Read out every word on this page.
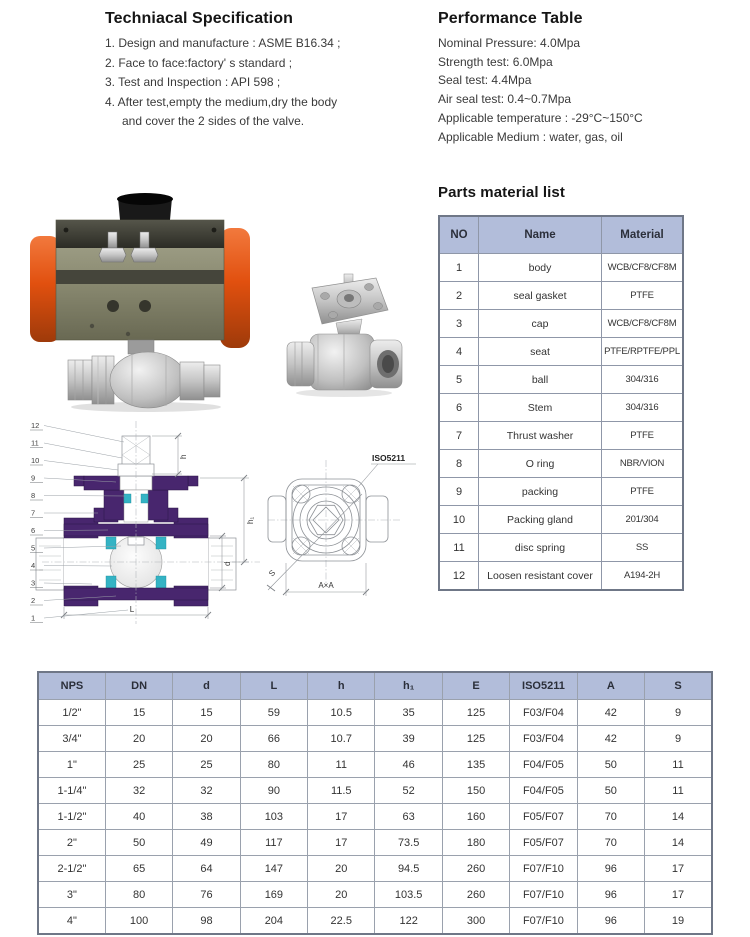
Techniacal Specification
1. Design and manufacture : ASME B16.34 ;
2. Face to face:factory' s standard ;
3. Test and Inspection : API 598 ;
4. After test,empty the medium,dry the body
and cover the 2 sides of the valve.
Performance Table
Nominal Pressure: 4.0Mpa
Strength test: 6.0Mpa
Seal test: 4.4Mpa
Air seal test: 0.4~0.7Mpa
Applicable temperature : -29°C~150°C
Applicable Medium : water, gas, oil
h
h₁
d
L
12
11
10
9
8
7
6
5
4
3
2
1
S
ISO5211
A×A
Parts material list
NO	Name	Material
1	body	WCB/CF8/CF8M
2	seal gasket	PTFE
3	cap	WCB/CF8/CF8M
4	seat	PTFE/RPTFE/PPL
5	ball	304/316
6	Stem	304/316
7	Thrust washer	PTFE
8	O ring	NBR/VION
9	packing	PTFE
10	Packing gland	201/304
11	disc spring	SS
12	Loosen resistant cover	A194-2H
NPS	DN	d	L	h	h₁	E	ISO5211	A	S
1/2"	15	15	59	10.5	35	125	F03/F04	42	9
3/4"	20	20	66	10.7	39	125	F03/F04	42	9
1"	25	25	80	11	46	135	F04/F05	50	11
1-1/4"	32	32	90	11.5	52	150	F04/F05	50	11
1-1/2"	40	38	103	17	63	160	F05/F07	70	14
2"	50	49	117	17	73.5	180	F05/F07	70	14
2-1/2"	65	64	147	20	94.5	260	F07/F10	96	17
3"	80	76	169	20	103.5	260	F07/F10	96	17
4"	100	98	204	22.5	122	300	F07/F10	96	19
